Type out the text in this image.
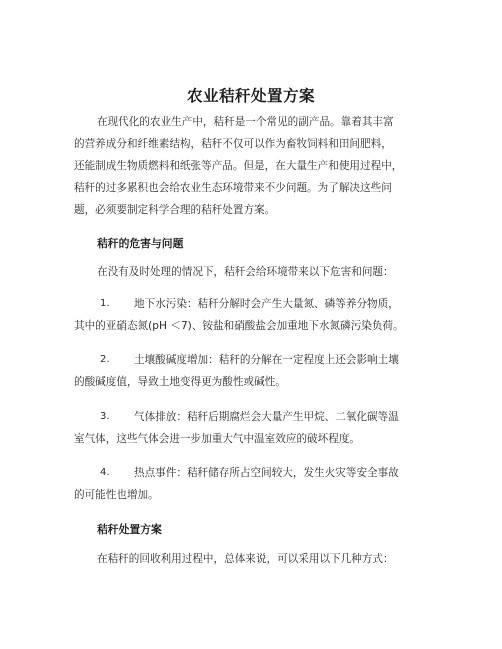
农业秸秆处置方案
在现代化的农业生产中，秸秆是一个常见的副产品。靠着其丰富
的营养成分和纤维素结构，秸秆不仅可以作为畜牧饲料和田间肥料，
还能制成生物质燃料和纸张等产品。但是，在大量生产和使用过程中，
秸秆的过多累积也会给农业生态环境带来不少问题。为了解决这些问
题，必须要制定科学合理的秸秆处置方案。
秸秆的危害与问题
在没有及时处理的情况下，秸秆会给环境带来以下危害和问题：
1. 地下水污染：秸秆分解时会产生大量氮、磷等养分物质，
其中的亚硝态氮(pH ＜7)、铵盐和硝酸盐会加重地下水氮磷污染负荷。
2. 土壤酸碱度增加：秸秆的分解在一定程度上还会影响土壤
的酸碱度值，导致土地变得更为酸性或碱性。
3. 气体排放：秸秆后期腐烂会大量产生甲烷、二氧化碳等温
室气体，这些气体会进一步加重大气中温室效应的破坏程度。
4. 热点事件：秸秆储存所占空间较大，发生火灾等安全事故
的可能性也增加。
秸秆处置方案
在秸秆的回收利用过程中，总体来说，可以采用以下几种方式：
